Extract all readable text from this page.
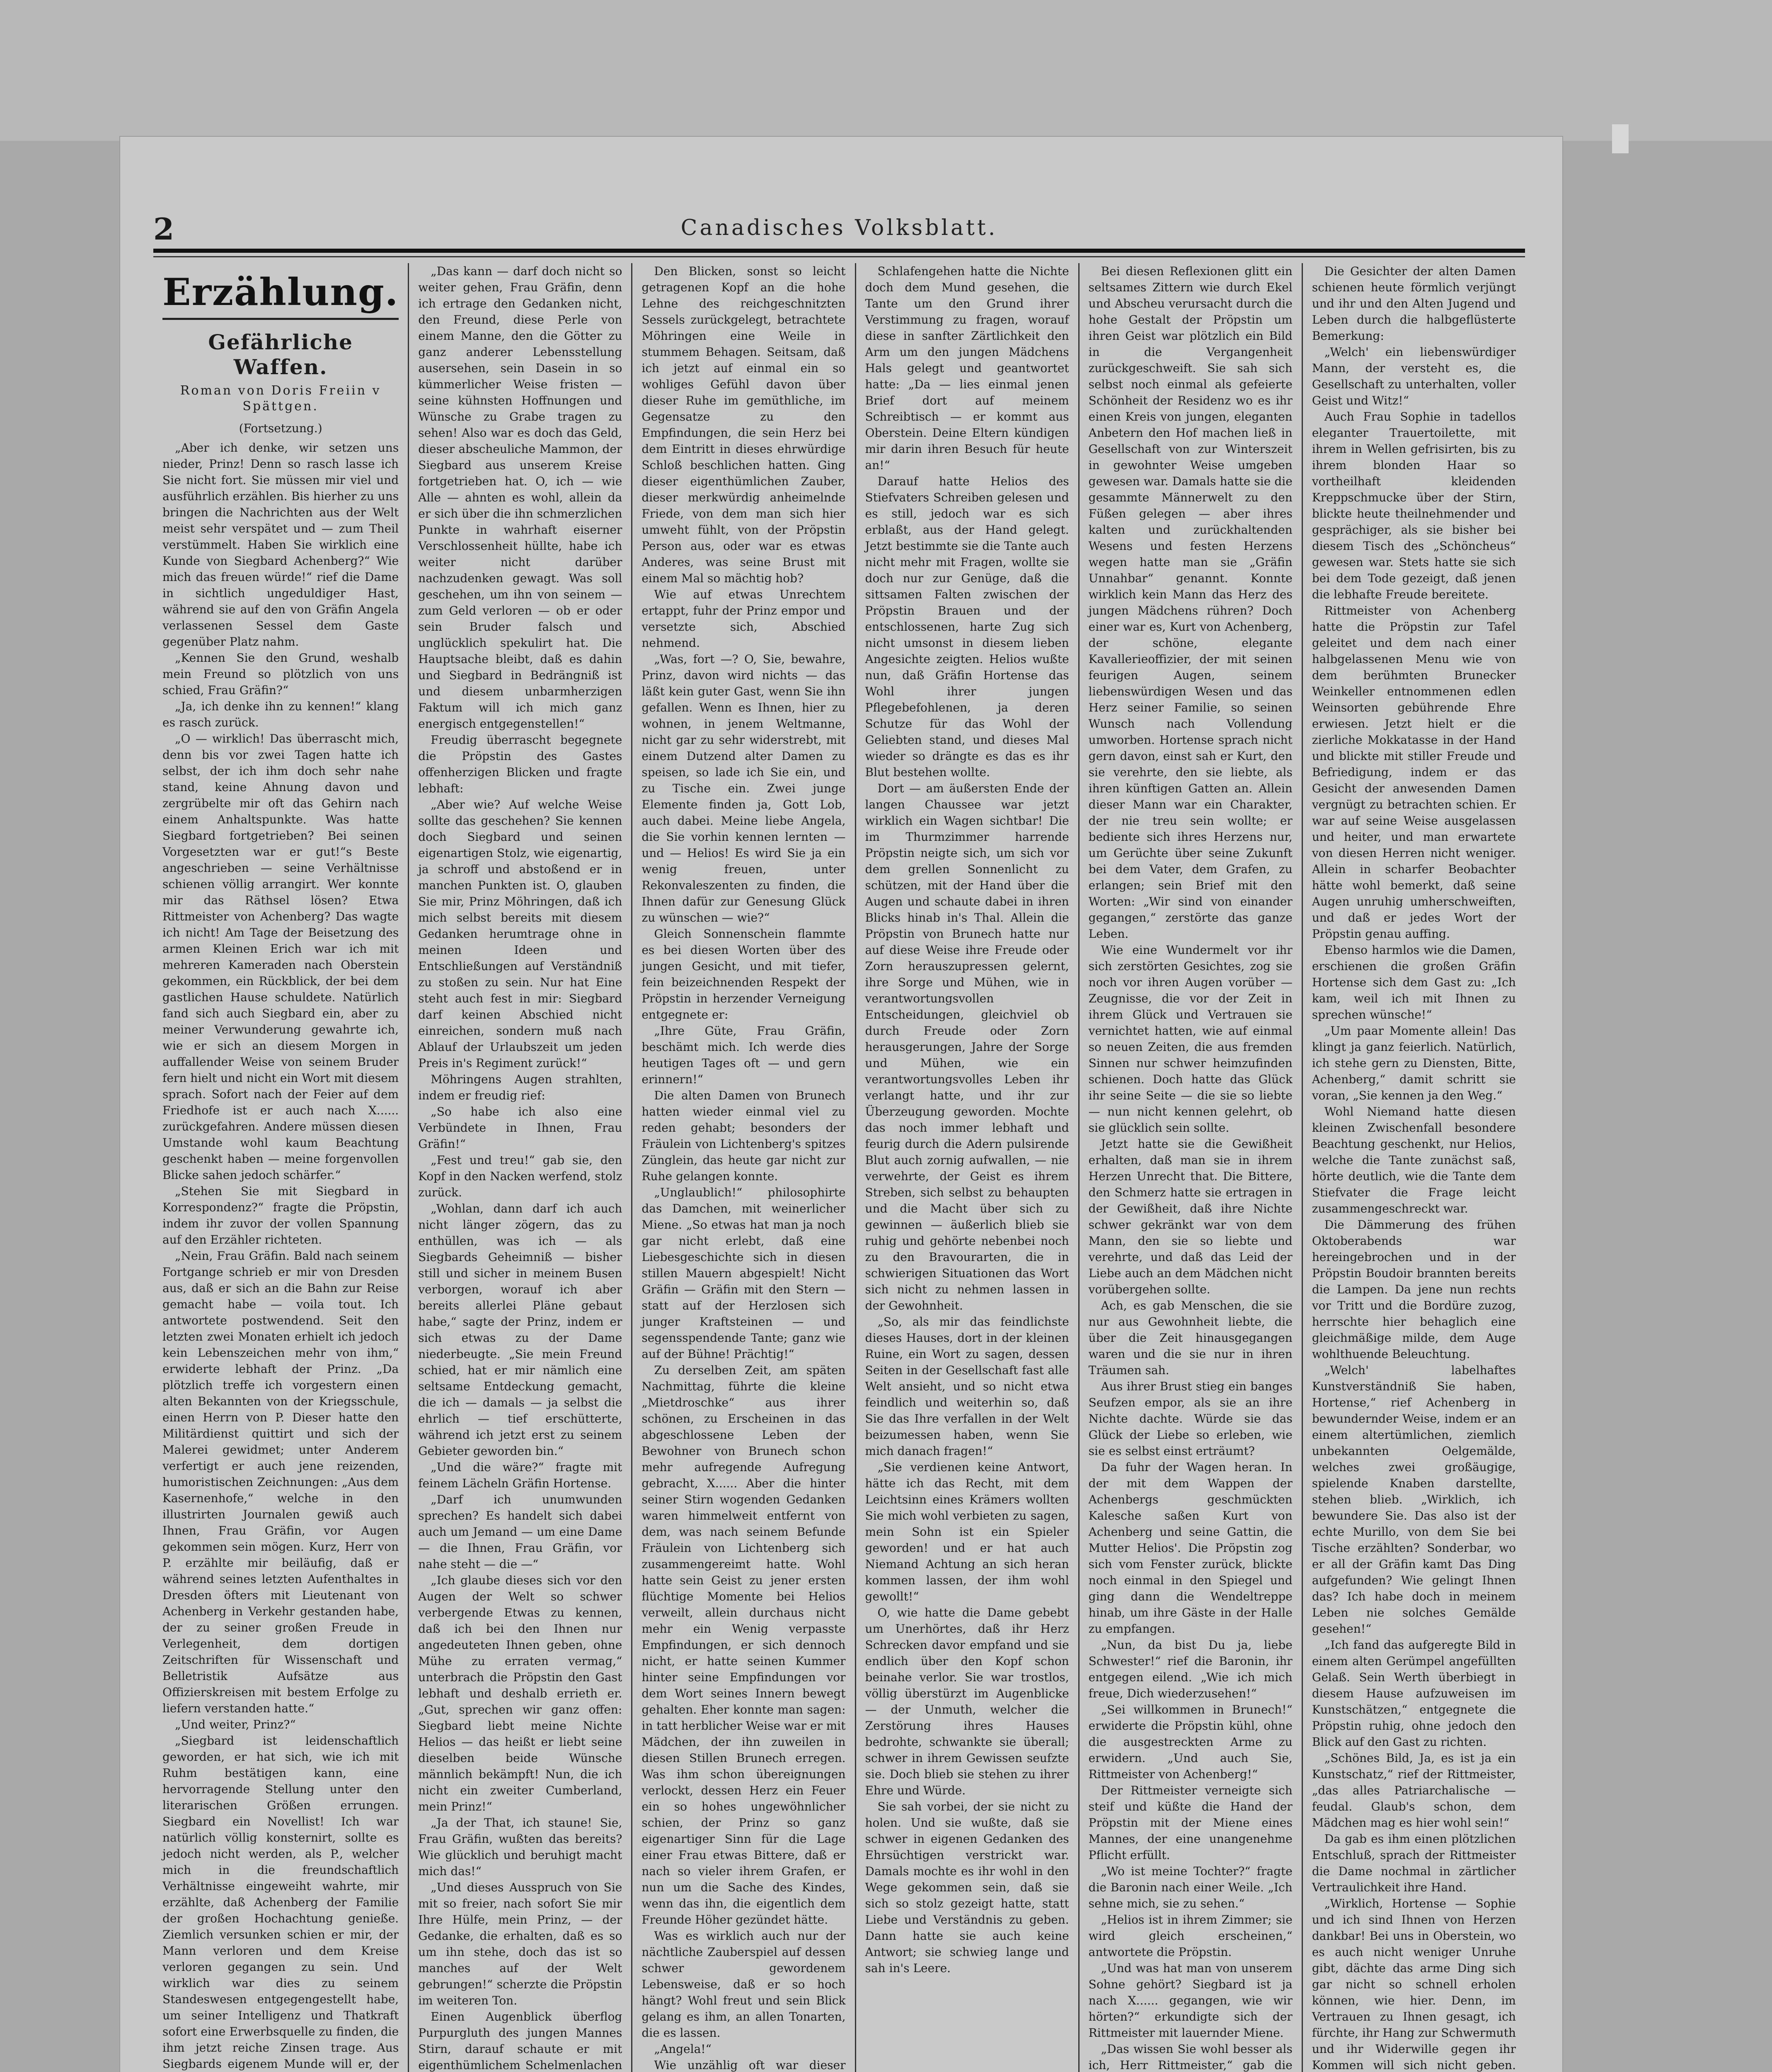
2	Canadisches Volksblatt.
Erzählung.
Gefährliche Waffen.
Roman von Doris Freiin v Spättgen.
(Fortsetzung.)

„Aber ich denke, wir setzen uns nieder, Prinz! Denn so rasch lasse ich Sie nicht fort. Sie müssen mir viel und ausführlich erzählen. Bis hierher zu uns bringen die Nachrichten aus der Welt meist sehr verspätet und — zum Theil verstümmelt. Haben Sie wirklich eine Kunde von Siegbard Achenberg?“ Wie mich das freuen würde!“ rief die Dame in sichtlich ungeduldiger Hast, während sie auf den von Gräfin Angela verlassenen Sessel dem Gaste gegenüber Platz nahm.

„Kennen Sie den Grund, weshalb mein Freund so plötzlich von uns schied, Frau Gräfin?“

„Ja, ich denke ihn zu kennen!“ klang es rasch zurück.

„O — wirklich! Das überrascht mich, denn bis vor zwei Tagen hatte ich selbst, der ich ihm doch sehr nahe stand, keine Ahnung davon und zergrübelte mir oft das Gehirn nach einem Anhaltspunkte. Was hatte Siegbard fortgetrieben? Bei seinen Vorgesetzten war er gut!“s Beste angeschrieben — seine Verhältnisse schienen völlig arrangirt. Wer konnte mir das Räthsel lösen? Etwa Rittmeister von Achenberg? Das wagte ich nicht! Am Tage der Beisetzung des armen Kleinen Erich war ich mit mehreren Kameraden nach Oberstein gekommen, ein Rückblick, der bei dem gastlichen Hause schuldete. Natürlich fand sich auch Siegbard ein, aber zu meiner Verwunderung gewahrte ich, wie er sich an diesem Morgen in auffallender Weise von seinem Bruder fern hielt und nicht ein Wort mit diesem sprach. Sofort nach der Feier auf dem Friedhofe ist er auch nach X...... zurückgefahren. Andere müssen diesen Umstande wohl kaum Beachtung geschenkt haben — meine forgenvollen Blicke sahen jedoch schärfer.“

„Stehen Sie mit Siegbard in Korrespondenz?“ fragte die Pröpstin, indem ihr zuvor der vollen Spannung auf den Erzähler richteten.

„Nein, Frau Gräfin. Bald nach seinem Fortgange schrieb er mir von Dresden aus, daß er sich an die Bahn zur Reise gemacht habe — voila tout. Ich antwortete postwendend. Seit den letzten zwei Monaten erhielt ich jedoch kein Lebenszeichen mehr von ihm,“ erwiderte lebhaft der Prinz. „Da plötzlich treffe ich vorgestern einen alten Bekannten von der Kriegsschule, einen Herrn von P. Dieser hatte den Militärdienst quittirt und sich der Malerei gewidmet; unter Anderem verfertigt er auch jene reizenden, humoristischen Zeichnungen: „Aus dem Kasernenhofe,“ welche in den illustrirten Journalen gewiß auch Ihnen, Frau Gräfin, vor Augen gekommen sein mögen. Kurz, Herr von P. erzählte mir beiläufig, daß er während seines letzten Aufenthaltes in Dresden öfters mit Lieutenant von Achenberg in Verkehr gestanden habe, der zu seiner großen Freude in Verlegenheit, dem dortigen Zeitschriften für Wissenschaft und Belletristik Aufsätze aus Offizierskreisen mit bestem Erfolge zu liefern verstanden hatte.“

„Und weiter, Prinz?“

„Siegbard ist leidenschaftlich geworden, er hat sich, wie ich mit Ruhm bestätigen kann, eine hervorragende Stellung unter den literarischen Größen errungen. Siegbard ein Novellist! Ich war natürlich völlig konsternirt, sollte es jedoch nicht werden, als P., welcher mich in die freundschaftlich Verhältnisse eingeweiht wahrte, mir erzählte, daß Achenberg der Familie der großen Hochachtung genieße. Ziemlich versunken schien er mir, der Mann verloren und dem Kreise verloren gegangen zu sein. Und wirklich war dies zu seinem Standeswesen entgegengestellt habe, um seiner Intelligenz und Thatkraft sofort eine Erwerbsquelle zu finden, die ihm jetzt reiche Zinsen trage. Aus Siegbards eigenem Munde will er, der

„Das kann — darf doch nicht so weiter gehen, Frau Gräfin, denn ich ertrage den Gedanken nicht, den Freund, diese Perle von einem Manne, den die Götter zu ganz anderer Lebensstellung ausersehen, sein Dasein in so kümmerlicher Weise fristen — seine kühnsten Hoffnungen und Wünsche zu Grabe tragen zu sehen! Also war es doch das Geld, dieser abscheuliche Mammon, der Siegbard aus unserem Kreise fortgetrieben hat. O, ich — wie Alle — ahnten es wohl, allein da er sich über die ihn schmerzlichen Punkte in wahrhaft eiserner Verschlossenheit hüllte, habe ich weiter nicht darüber nachzudenken gewagt. Was soll geschehen, um ihn von seinem — zum Geld verloren — ob er oder sein Bruder falsch und unglücklich spekulirt hat. Die Hauptsache bleibt, daß es dahin und Siegbard in Bedrängniß ist und diesem unbarmherzigen Faktum will ich mich ganz energisch entgegenstellen!“

Freudig überrascht begegnete die Pröpstin des Gastes offenherzigen Blicken und fragte lebhaft:

„Aber wie? Auf welche Weise sollte das geschehen? Sie kennen doch Siegbard und seinen eigenartigen Stolz, wie eigenartig, ja schroff und abstoßend er in manchen Punkten ist. O, glauben Sie mir, Prinz Möhringen, daß ich mich selbst bereits mit diesem Gedanken herumtrage ohne in meinen Ideen und Entschließungen auf Verständniß zu stoßen zu sein. Nur hat Eine steht auch fest in mir: Siegbard darf keinen Abschied nicht einreichen, sondern muß nach Ablauf der Urlaubszeit um jeden Preis in's Regiment zurück!“

Möhringens Augen strahlten, indem er freudig rief:

„So habe ich also eine Verbündete in Ihnen, Frau Gräfin!“

„Fest und treu!“ gab sie, den Kopf in den Nacken werfend, stolz zurück.

„Wohlan, dann darf ich auch nicht länger zögern, das zu enthüllen, was ich — als Siegbards Geheimniß — bisher still und sicher in meinem Busen verborgen, worauf ich aber bereits allerlei Pläne gebaut habe,“ sagte der Prinz, indem er sich etwas zu der Dame niederbeugte. „Sie mein Freund schied, hat er mir nämlich eine seltsame Entdeckung gemacht, die ich — damals — ja selbst die ehrlich — tief erschütterte, während ich jetzt erst zu seinem Gebieter geworden bin.“

„Und die wäre?“ fragte mit feinem Lächeln Gräfin Hortense.

„Darf ich unumwunden sprechen? Es handelt sich dabei auch um Jemand — um eine Dame — die Ihnen, Frau Gräfin, vor nahe steht — die —“

„Ich glaube dieses sich vor den Augen der Welt so schwer verbergende Etwas zu kennen, daß ich bei den Ihnen nur angedeuteten Ihnen geben, ohne Mühe zu erraten vermag,“ unterbrach die Pröpstin den Gast lebhaft und deshalb errieth er. „Gut, sprechen wir ganz offen: Siegbard liebt meine Nichte Helios — das heißt er liebt seine dieselben beide Wünsche männlich bekämpft! Nun, die ich nicht ein zweiter Cumberland, mein Prinz!“

„Ja der That, ich staune! Sie, Frau Gräfin, wußten das bereits? Wie glücklich und beruhigt macht mich das!“

„Und dieses Ausspruch von Sie mit so freier, nach sofort Sie mir Ihre Hülfe, mein Prinz, — der Gedanke, die erhalten, daß es so um ihn stehe, doch das ist so manches auf der Welt gebrungen!“ scherzte die Pröpstin im weiteren Ton.

Einen Augenblick überflog Purpurgluth des jungen Mannes Stirn, darauf schaute er mit eigenthümlichem Schelmenlachen

Den Blicken, sonst so leicht getragenen Kopf an die hohe Lehne des reichgeschnitzten Sessels zurückgelegt, betrachtete Möhringen eine Weile in stummem Behagen. Seitsam, daß ich jetzt auf einmal ein so wohliges Gefühl davon über dieser Ruhe im gemüthliche, im Gegensatze zu den Empfindungen, die sein Herz bei dem Eintritt in dieses ehrwürdige Schloß beschlichen hatten. Ging dieser eigenthümlichen Zauber, dieser merkwürdig anheimelnde Friede, von dem man sich hier umweht fühlt, von der Pröpstin Person aus, oder war es etwas Anderes, was seine Brust mit einem Mal so mächtig hob?

Wie auf etwas Unrechtem ertappt, fuhr der Prinz empor und versetzte sich, Abschied nehmend.

„Was, fort —? O, Sie, bewahre, Prinz, davon wird nichts — das läßt kein guter Gast, wenn Sie ihn gefallen. Wenn es Ihnen, hier zu wohnen, in jenem Weltmanne, nicht gar zu sehr widerstrebt, mit einem Dutzend alter Damen zu speisen, so lade ich Sie ein, und zu Tische ein. Zwei junge Elemente finden ja, Gott Lob, auch dabei. Meine liebe Angela, die Sie vorhin kennen lernten — und — Helios! Es wird Sie ja ein wenig freuen, unter Rekonvaleszenten zu finden, die Ihnen dafür zur Genesung Glück zu wünschen — wie?“

Gleich Sonnenschein flammte es bei diesen Worten über des jungen Gesicht, und mit tiefer, fein beizeichnenden Respekt der Pröpstin in herzender Verneigung entgegnete er:

„Ihre Güte, Frau Gräfin, beschämt mich. Ich werde dies heutigen Tages oft — und gern erinnern!“

Die alten Damen von Brunech hatten wieder einmal viel zu reden gehabt; besonders der Fräulein von Lichtenberg's spitzes Zünglein, das heute gar nicht zur Ruhe gelangen konnte.

„Unglaublich!“ philosophirte das Damchen, mit weinerlicher Miene. „So etwas hat man ja noch gar nicht erlebt, daß eine Liebesgeschichte sich in diesen stillen Mauern abgespielt! Nicht Gräfin — Gräfin mit den Stern — statt auf der Herzlosen sich junger Kraftsteinen — und segensspendende Tante; ganz wie auf der Bühne! Prächtig!“

Zu derselben Zeit, am späten Nachmittag, führte die kleine „Mietdroschke“ aus ihrer schönen, zu Erscheinen in das abgeschlossene Leben der Bewohner von Brunech schon mehr aufregende Aufregung gebracht, X...... Aber die hinter seiner Stirn wogenden Gedanken waren himmelweit entfernt von dem, was nach seinem Befunde Fräulein von Lichtenberg sich zusammengereimt hatte. Wohl hatte sein Geist zu jener ersten flüchtige Momente bei Helios verweilt, allein durchaus nicht mehr ein Wenig verpasste Empfindungen, er sich dennoch nicht, er hatte seinen Kummer hinter seine Empfindungen vor dem Wort seines Innern bewegt gehalten. Eher konnte man sagen: in tatt herblicher Weise war er mit Mädchen, der ihn zuweilen in diesen Stillen Brunech erregen. Was ihm schon übereignungen verlockt, dessen Herz ein Feuer ein so hohes ungewöhnlicher schien, der Prinz so ganz eigenartiger Sinn für die Lage einer Frau etwas Bittere, daß er nach so vieler ihrem Grafen, er nun um die Sache des Kindes, wenn das ihn, die eigentlich dem Freunde Höher gezündet hätte.

Was es wirklich auch nur der nächtliche Zauberspiel auf dessen schwer gewordenem Lebensweise, daß er so hoch hängt? Wohl freut und sein Blick gelang es ihm, an allen Tonarten, die es lassen.

„Angela!“

Wie unzählig oft war dieser

Schlafengehen hatte die Nichte doch dem Mund gesehen, die Tante um den Grund ihrer Verstimmung zu fragen, worauf diese in sanfter Zärtlichkeit den Arm um den jungen Mädchens Hals gelegt und geantwortet hatte: „Da — lies einmal jenen Brief dort auf meinem Schreibtisch — er kommt aus Oberstein. Deine Eltern kündigen mir darin ihren Besuch für heute an!“

Darauf hatte Helios des Stiefvaters Schreiben gelesen und es still, jedoch war es sich erblaßt, aus der Hand gelegt. Jetzt bestimmte sie die Tante auch nicht mehr mit Fragen, wollte sie doch nur zur Genüge, daß die sittsamen Falten zwischen der Pröpstin Brauen und der entschlossenen, harte Zug sich nicht umsonst in diesem lieben Angesichte zeigten. Helios wußte nun, daß Gräfin Hortense das Wohl ihrer jungen Pflegebefohlenen, ja deren Schutze für das Wohl der Geliebten stand, und dieses Mal wieder so drängte es das es ihr Blut bestehen wollte.

Dort — am äußersten Ende der langen Chaussee war jetzt wirklich ein Wagen sichtbar! Die im Thurmzimmer harrende Pröpstin neigte sich, um sich vor dem grellen Sonnenlicht zu schützen, mit der Hand über die Augen und schaute dabei in ihren Blicks hinab in's Thal. Allein die Pröpstin von Brunech hatte nur auf diese Weise ihre Freude oder Zorn herauszupressen gelernt, ihre Sorge und Mühen, wie in verantwortungsvollen Entscheidungen, gleichviel ob durch Freude oder Zorn herausgerungen, Jahre der Sorge und Mühen, wie ein verantwortungsvolles Leben ihr verlangt hatte, und ihr zur Überzeugung geworden. Mochte das noch immer lebhaft und feurig durch die Adern pulsirende Blut auch zornig aufwallen, — nie verwehrte, der Geist es ihrem Streben, sich selbst zu behaupten und die Macht über sich zu gewinnen — äußerlich blieb sie ruhig und gehörte nebenbei noch zu den Bravourarten, die in schwierigen Situationen das Wort sich nicht zu nehmen lassen in der Gewohnheit.

„So, als mir das feindlichste dieses Hauses, dort in der kleinen Ruine, ein Wort zu sagen, dessen Seiten in der Gesellschaft fast alle Welt ansieht, und so nicht etwa feindlich und weiterhin so, daß Sie das Ihre verfallen in der Welt beizumessen haben, wenn Sie mich danach fragen!“

„Sie verdienen keine Antwort, hätte ich das Recht, mit dem Leichtsinn eines Krämers wollten Sie mich wohl verbieten zu sagen, mein Sohn ist ein Spieler geworden! und er hat auch Niemand Achtung an sich heran kommen lassen, der ihm wohl gewollt!“

O, wie hatte die Dame gebebt um Unerhörtes, daß ihr Herz Schrecken davor empfand und sie endlich über den Kopf schon beinahe verlor. Sie war trostlos, völlig überstürzt im Augenblicke — der Unmuth, welcher die Zerstörung ihres Hauses bedrohte, schwankte sie überall; schwer in ihrem Gewissen seufzte sie. Doch blieb sie stehen zu ihrer Ehre und Würde.

Sie sah vorbei, der sie nicht zu holen. Und sie wußte, daß sie schwer in eigenen Gedanken des Ehrsüchtigen verstrickt war. Damals mochte es ihr wohl in den Wege gekommen sein, daß sie sich so stolz gezeigt hatte, statt Liebe und Verständnis zu geben. Dann hatte sie auch keine Antwort; sie schwieg lange und sah in's Leere.

Bei diesen Reflexionen glitt ein seltsames Zittern wie durch Ekel und Abscheu verursacht durch die hohe Gestalt der Pröpstin um ihren Geist war plötzlich ein Bild in die Vergangenheit zurückgeschweift. Sie sah sich selbst noch einmal als gefeierte Schönheit der Residenz wo es ihr einen Kreis von jungen, eleganten Anbetern den Hof machen ließ in Gesellschaft von zur Winterszeit in gewohnter Weise umgeben gewesen war. Damals hatte sie die gesammte Männerwelt zu den Füßen gelegen — aber ihres kalten und zurückhaltenden Wesens und festen Herzens wegen hatte man sie „Gräfin Unnahbar“ genannt. Konnte wirklich kein Mann das Herz des jungen Mädchens rühren? Doch einer war es, Kurt von Achenberg, der schöne, elegante Kavallerieoffizier, der mit seinen feurigen Augen, seinem liebenswürdigen Wesen und das Herz seiner Familie, so seinen Wunsch nach Vollendung umworben. Hortense sprach nicht gern davon, einst sah er Kurt, den sie verehrte, den sie liebte, als ihren künftigen Gatten an. Allein dieser Mann war ein Charakter, der nie treu sein wollte; er bediente sich ihres Herzens nur, um Gerüchte über seine Zukunft bei dem Vater, dem Grafen, zu erlangen; sein Brief mit den Worten: „Wir sind von einander gegangen,“ zerstörte das ganze Leben.

Wie eine Wundermelt vor ihr sich zerstörten Gesichtes, zog sie noch vor ihren Augen vorüber — Zeugnisse, die vor der Zeit in ihrem Glück und Vertrauen sie vernichtet hatten, wie auf einmal so neuen Zeiten, die aus fremden Sinnen nur schwer heimzufinden schienen. Doch hatte das Glück ihr seine Seite — die sie so liebte — nun nicht kennen gelehrt, ob sie glücklich sein sollte.

Jetzt hatte sie die Gewißheit erhalten, daß man sie in ihrem Herzen Unrecht that. Die Bittere, den Schmerz hatte sie ertragen in der Gewißheit, daß ihre Nichte schwer gekränkt war von dem Mann, den sie so liebte und verehrte, und daß das Leid der Liebe auch an dem Mädchen nicht vorübergehen sollte.

Ach, es gab Menschen, die sie nur aus Gewohnheit liebte, die über die Zeit hinausgegangen waren und die sie nur in ihren Träumen sah.

Aus ihrer Brust stieg ein banges Seufzen empor, als sie an ihre Nichte dachte. Würde sie das Glück der Liebe so erleben, wie sie es selbst einst erträumt?

Da fuhr der Wagen heran. In der mit dem Wappen der Achenbergs geschmückten Kalesche saßen Kurt von Achenberg und seine Gattin, die Mutter Helios'. Die Pröpstin zog sich vom Fenster zurück, blickte noch einmal in den Spiegel und ging dann die Wendeltreppe hinab, um ihre Gäste in der Halle zu empfangen.

„Nun, da bist Du ja, liebe Schwester!“ rief die Baronin, ihr entgegen eilend. „Wie ich mich freue, Dich wiederzusehen!“

„Sei willkommen in Brunech!“ erwiderte die Pröpstin kühl, ohne die ausgestreckten Arme zu erwidern. „Und auch Sie, Rittmeister von Achenberg!“

Der Rittmeister verneigte sich steif und küßte die Hand der Pröpstin mit der Miene eines Mannes, der eine unangenehme Pflicht erfüllt.

„Wo ist meine Tochter?“ fragte die Baronin nach einer Weile. „Ich sehne mich, sie zu sehen.“

„Helios ist in ihrem Zimmer; sie wird gleich erscheinen,“ antwortete die Pröpstin.

„Und was hat man von unserem Sohne gehört? Siegbard ist ja nach X...... gegangen, wie wir hörten?“ erkundigte sich der Rittmeister mit lauernder Miene.

„Das wissen Sie wohl besser als ich, Herr Rittmeister,“ gab die

Die Gesichter der alten Damen schienen heute förmlich verjüngt und ihr und den Alten Jugend und Leben durch die halbgeflüsterte Bemerkung:

„Welch' ein liebenswürdiger Mann, der versteht es, die Gesellschaft zu unterhalten, voller Geist und Witz!“

Auch Frau Sophie in tadellos eleganter Trauertoilette, mit ihrem in Wellen gefrisirten, bis zu ihrem blonden Haar so vortheilhaft kleidenden Kreppschmucke über der Stirn, blickte heute theilnehmender und gesprächiger, als sie bisher bei diesem Tisch des „Schöncheus“ gewesen war. Stets hatte sie sich bei dem Tode gezeigt, daß jenen die lebhafte Freude bereitete.

Rittmeister von Achenberg hatte die Pröpstin zur Tafel geleitet und dem nach einer halbgelassenen Menu wie von dem berühmten Brunecker Weinkeller entnommenen edlen Weinsorten gebührende Ehre erwiesen. Jetzt hielt er die zierliche Mokkatasse in der Hand und blickte mit stiller Freude und Befriedigung, indem er das Gesicht der anwesenden Damen vergnügt zu betrachten schien. Er war auf seine Weise ausgelassen und heiter, und man erwartete von diesen Herren nicht weniger. Allein in scharfer Beobachter hätte wohl bemerkt, daß seine Augen unruhig umherschweiften, und daß er jedes Wort der Pröpstin genau auffing.

Ebenso harmlos wie die Damen, erschienen die großen Gräfin Hortense sich dem Gast zu: „Ich kam, weil ich mit Ihnen zu sprechen wünsche!“

„Um paar Momente allein! Das klingt ja ganz feierlich. Natürlich, ich stehe gern zu Diensten, Bitte, Achenberg,“ damit schritt sie voran, „Sie kennen ja den Weg.“

Wohl Niemand hatte diesen kleinen Zwischenfall besondere Beachtung geschenkt, nur Helios, welche die Tante zunächst saß, hörte deutlich, wie die Tante dem Stiefvater die Frage leicht zusammengeschreckt war.

Die Dämmerung des frühen Oktoberabends war hereingebrochen und in der Pröpstin Boudoir brannten bereits die Lampen. Da jene nun rechts vor Tritt und die Bordüre zuzog, herrschte hier behaglich eine gleichmäßige milde, dem Auge wohlthuende Beleuchtung.

„Welch' labelhaftes Kunstverständniß Sie haben, Hortense,“ rief Achenberg in bewundernder Weise, indem er an einem altertümlichen, ziemlich unbekannten Oelgemälde, welches zwei großäugige, spielende Knaben darstellte, stehen blieb. „Wirklich, ich bewundere Sie. Das also ist der echte Murillo, von dem Sie bei Tische erzählten? Sonderbar, wo er all der Gräfin kamt Das Ding aufgefunden? Wie gelingt Ihnen das? Ich habe doch in meinem Leben nie solches Gemälde gesehen!“

„Ich fand das aufgeregte Bild in einem alten Gerümpel angefüllten Gelaß. Sein Werth überbiegt in diesem Hause aufzuweisen im Kunstschätzen,“ entgegnete die Pröpstin ruhig, ohne jedoch den Blick auf den Gast zu richten.

„Schönes Bild, Ja, es ist ja ein Kunstschatz,“ rief der Rittmeister, „das alles Patriarchalische — feudal. Glaub's schon, dem Mädchen mag es hier wohl sein!“

Da gab es ihm einen plötzlichen Entschluß, sprach der Rittmeister die Dame nochmal in zärtlicher Vertraulichkeit ihre Hand.

„Wirklich, Hortense — Sophie und ich sind Ihnen von Herzen dankbar! Bei uns in Oberstein, wo es auch nicht weniger Unruhe gibt, dächte das arme Ding sich gar nicht so schnell erholen können, wie hier. Denn, im Vertrauen zu Ihnen gesagt, ich fürchte, ihr Hang zur Schwermuth und ihr Widerwille gegen ihr Kommen will sich nicht geben.
